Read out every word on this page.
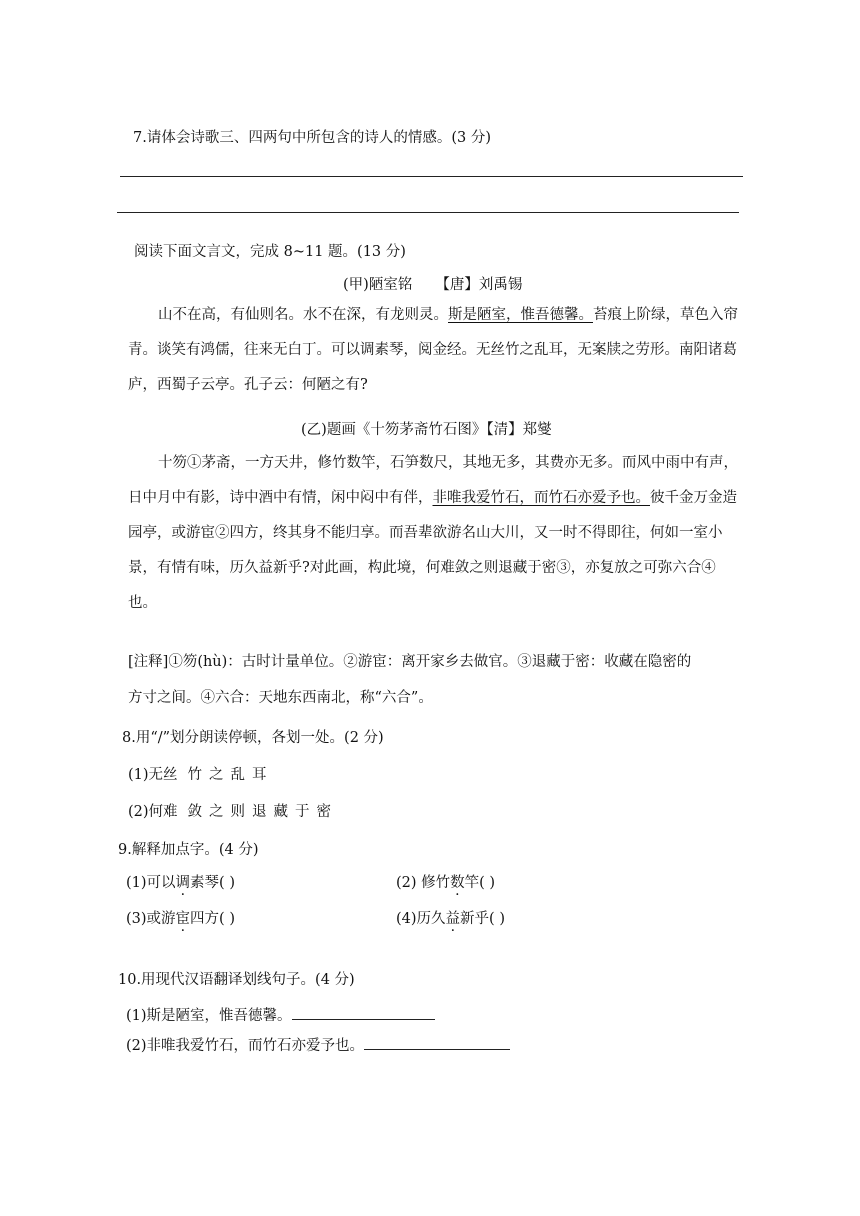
7.请体会诗歌三、四两句中所包含的诗人的情感。(3 分)
阅读下面文言文，完成 8~11 题。(13 分)
(甲)陋室铭 【唐】刘禹锡
山不在高，有仙则名。水不在深，有龙则灵。斯是陋室，惟吾德馨。苔痕上阶绿，草色入帘青。谈笑有鸿儒，往来无白丁。可以调素琴，阅金经。无丝竹之乱耳，无案牍之劳形。南阳诸葛庐，西蜀子云亭。孔子云：何陋之有?
(乙)题画《十笏茅斋竹石图》【清】郑燮
十笏①茅斋，一方天井，修竹数竿，石笋数尺，其地无多，其费亦无多。而风中雨中有声，日中月中有影，诗中酒中有情，闲中闷中有伴，非唯我爱竹石，而竹石亦爱予也。彼千金万金造园亭，或游宦②四方，终其身不能归享。而吾辈欲游名山大川，又一时不得即往，何如一室小景，有情有味，历久益新乎?对此画，构此境，何难敛之则退藏于密③，亦复放之可弥六合④也。
[注释]①笏(hù)：古时计量单位。②游宦：离开家乡去做官。③退藏于密：收藏在隐密的
方寸之间。④六合：天地东西南北，称“六合”。
8.用“/”划分朗读停顿，各划一处。(2 分)
(1)无丝 竹 之 乱 耳
(2)何难 敛 之 则 退 藏 于 密
9.解释加点字。(4 分)
(1)可以调素琴( )	(2) 修竹数竿( )
(3)或游宦四方( )	(4)历久益新乎( )
10.用现代汉语翻译划线句子。(4 分)
(1)斯是陋室，惟吾德馨。
(2)非唯我爱竹石，而竹石亦爱予也。
